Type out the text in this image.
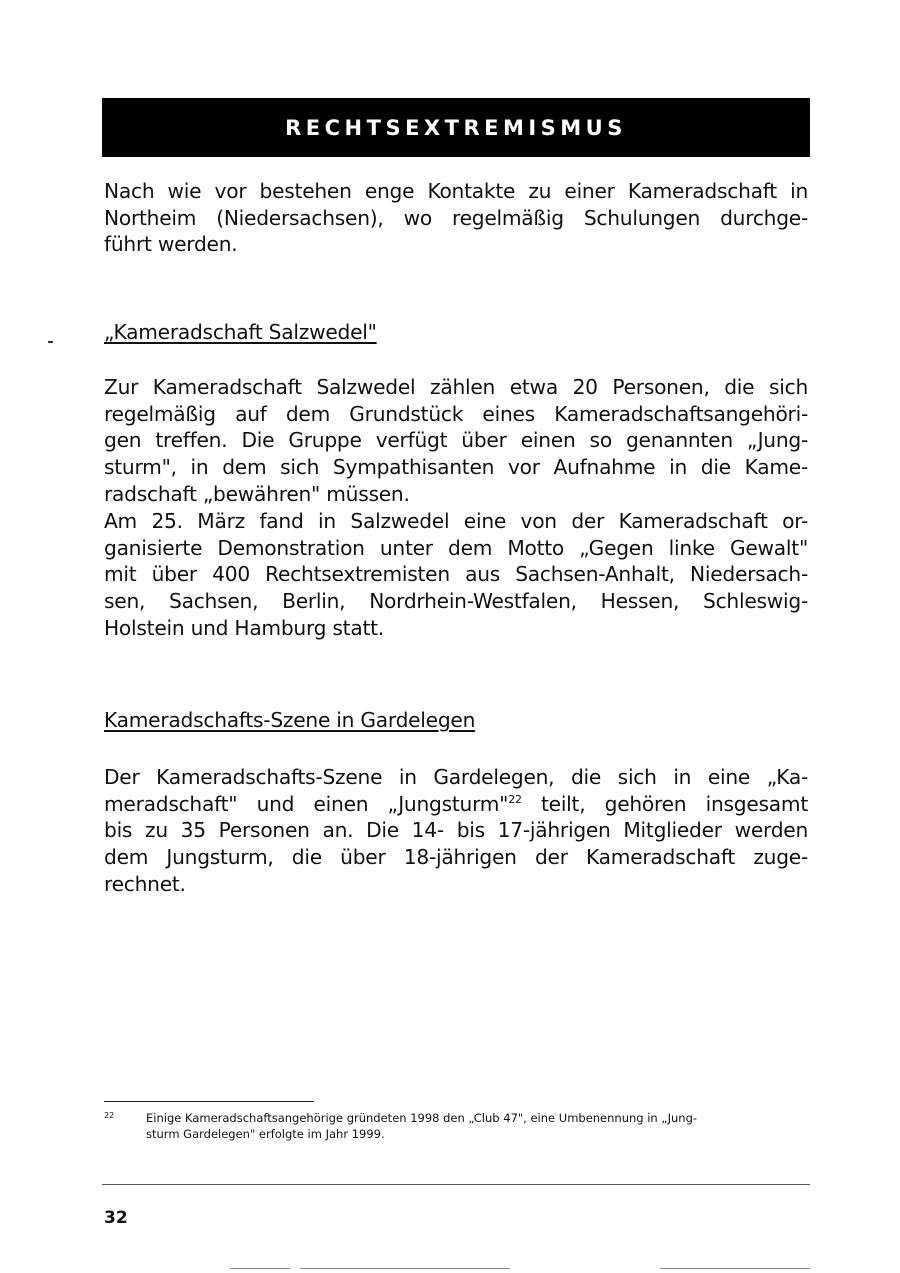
RECHTSEXTREMISMUS

Nach wie vor bestehen enge Kontakte zu einer Kameradschaft in
Northeim (Niedersachsen), wo regelmäßig Schulungen durchge-
führt werden.

„Kameradschaft Salzwedel"

Zur Kameradschaft Salzwedel zählen etwa 20 Personen, die sich
regelmäßig auf dem Grundstück eines Kameradschaftsangehöri-
gen treffen. Die Gruppe verfügt über einen so genannten „Jung-
sturm", in dem sich Sympathisanten vor Aufnahme in die Kame-
radschaft „bewähren" müssen.

Am 25. März fand in Salzwedel eine von der Kameradschaft or-
ganisierte Demonstration unter dem Motto „Gegen linke Gewalt"
mit über 400 Rechtsextremisten aus Sachsen-Anhalt, Niedersach-
sen, Sachsen, Berlin, Nordrhein-Westfalen, Hessen, Schleswig-
Holstein und Hamburg statt.

Kameradschafts-Szene in Gardelegen

Der Kameradschafts-Szene in Gardelegen, die sich in eine „Ka-
meradschaft" und einen „Jungsturm"$^{22}$ teilt, gehören insgesamt
bis zu 35 Personen an. Die 14- bis 17-jährigen Mitglieder werden
dem Jungsturm, die über 18-jährigen der Kameradschaft zuge-
rechnet.

22	Einige Kameradschaftsangehörige gründeten 1998 den „Club 47", eine Umbenennung in „Jung-
sturm Gardelegen" erfolgte im Jahr 1999.
32
